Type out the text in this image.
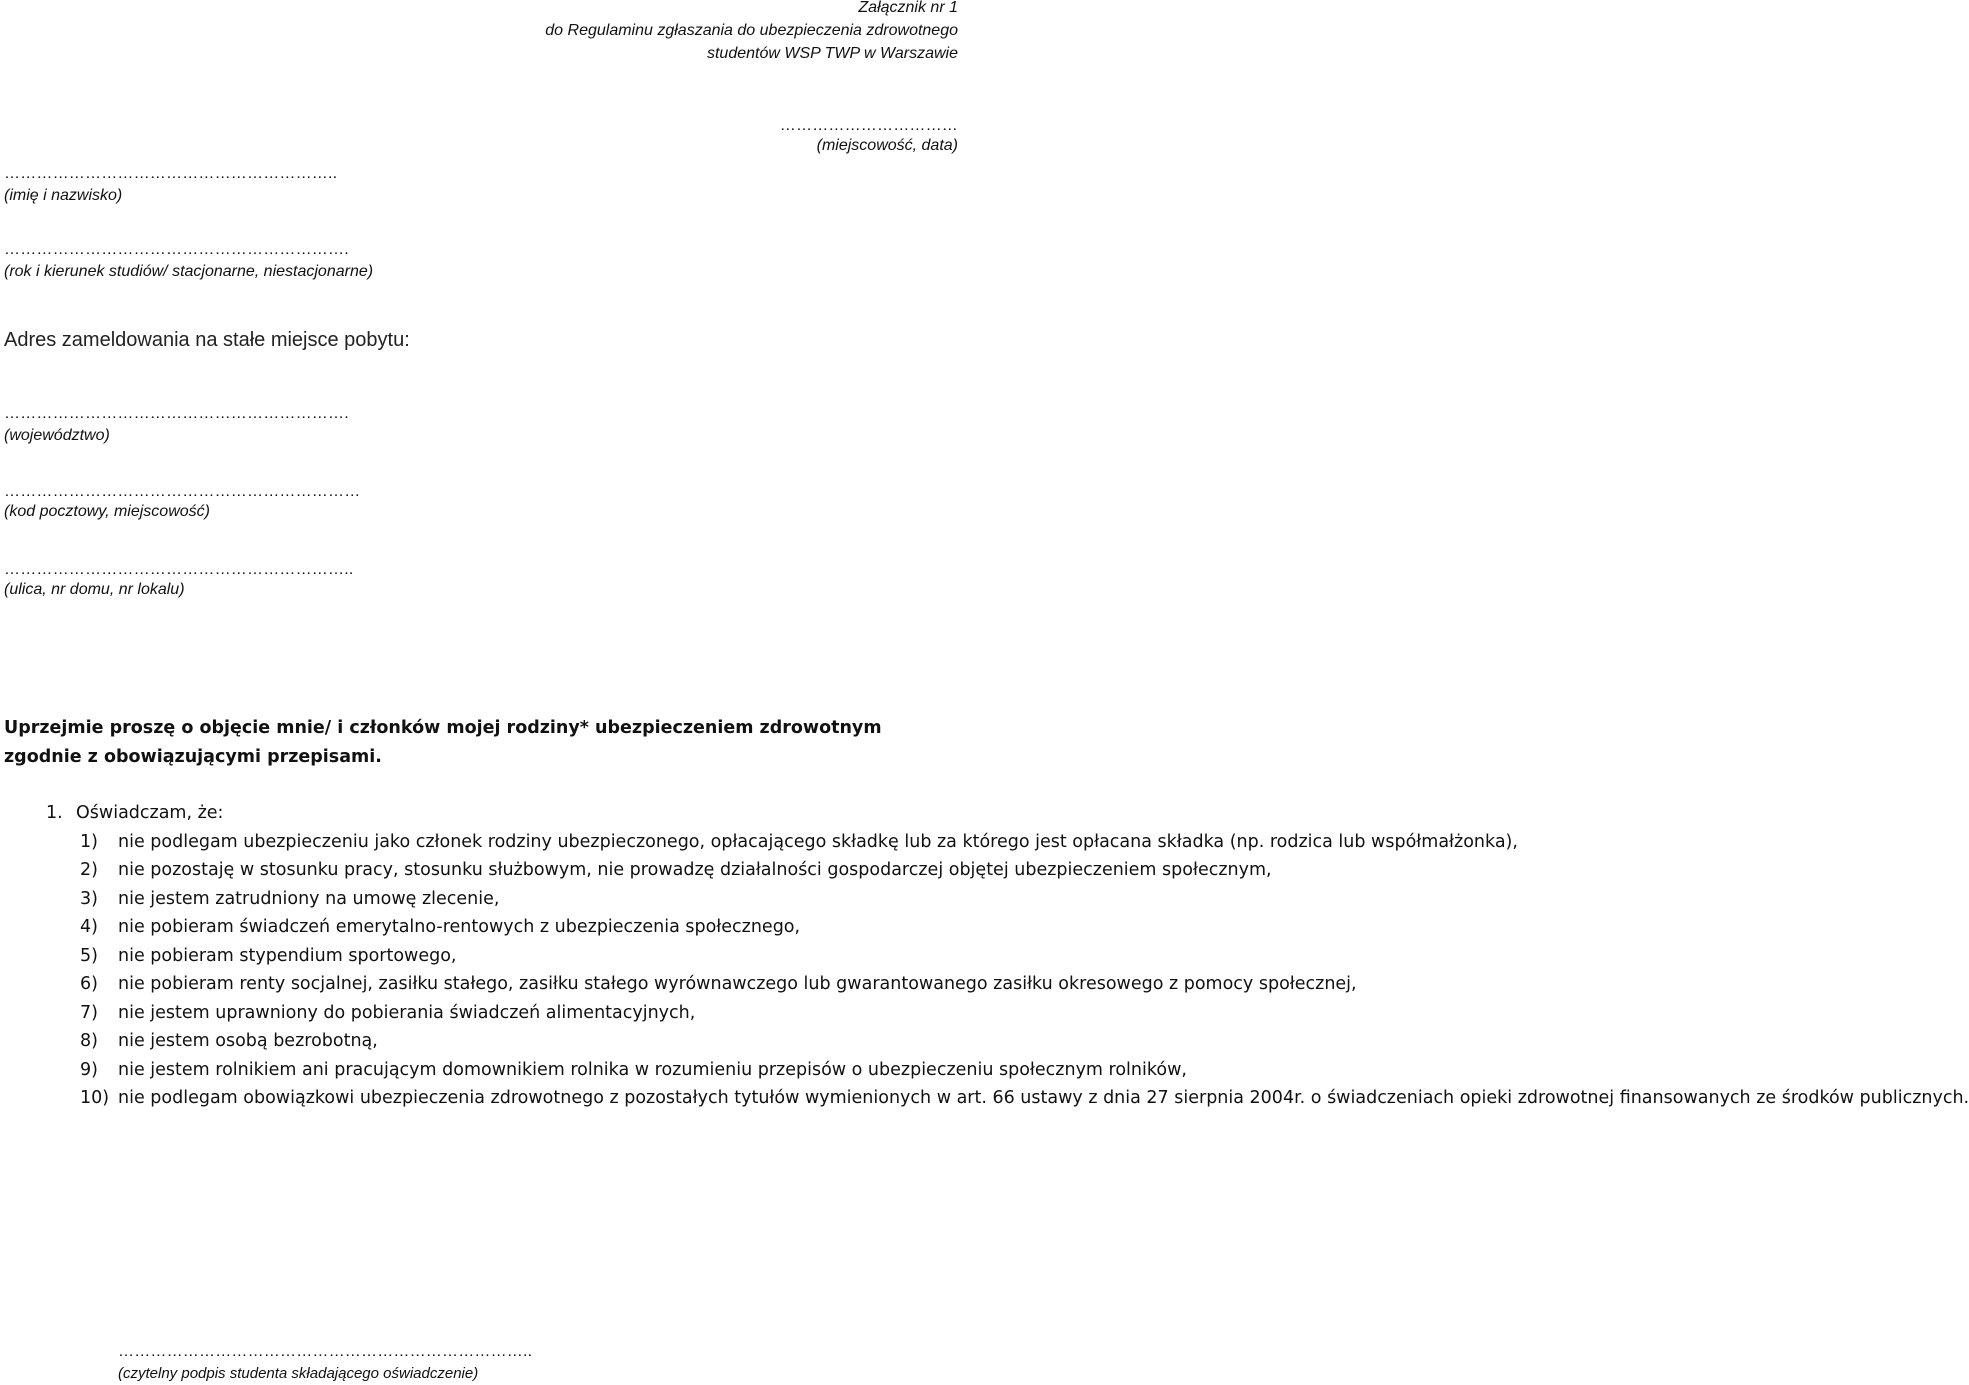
Załącznik nr 1
do Regulaminu zgłaszania do ubezpieczenia zdrowotnego
studentów WSP TWP w Warszawie
……………………………
(miejscowość, data)
……………………………………………………..
(imię i nazwisko)
……………………………………………………….
(rok i kierunek studiów/ stacjonarne, niestacjonarne)
Adres zameldowania na stałe miejsce pobytu:
……………………………………………………….
(województwo)
…………………………………………………………
(kod pocztowy, miejscowość)
………………………………………………………..
(ulica, nr domu, nr lokalu)
Uprzejmie proszę o objęcie mnie/ i członków mojej rodziny* ubezpieczeniem zdrowotnym zgodnie z obowiązującymi przepisami.
1. Oświadczam, że:
1) nie podlegam ubezpieczeniu jako członek rodziny ubezpieczonego, opłacającego składkę lub za którego jest opłacana składka (np. rodzica lub współmałżonka),
2) nie pozostaję w stosunku pracy, stosunku służbowym, nie prowadzę działalności gospodarczej objętej ubezpieczeniem społecznym,
3) nie jestem zatrudniony na umowę zlecenie,
4) nie pobieram świadczeń emerytalno-rentowych z ubezpieczenia społecznego,
5) nie pobieram stypendium sportowego,
6) nie pobieram renty socjalnej, zasiłku stałego, zasiłku stałego wyrównawczego lub gwarantowanego zasiłku okresowego z pomocy społecznej,
7) nie jestem uprawniony do pobierania świadczeń alimentacyjnych,
8) nie jestem osobą bezrobotną,
9) nie jestem rolnikiem ani pracującym domownikiem rolnika w rozumieniu przepisów o ubezpieczeniu społecznym rolników,
10) nie podlegam obowiązkowi ubezpieczenia zdrowotnego z pozostałych tytułów wymienionych w art. 66 ustawy z dnia 27 sierpnia 2004r. o świadczeniach opieki zdrowotnej finansowanych ze środków publicznych.
…………………………………………………………………..
(czytelny podpis studenta składającego oświadczenie)
